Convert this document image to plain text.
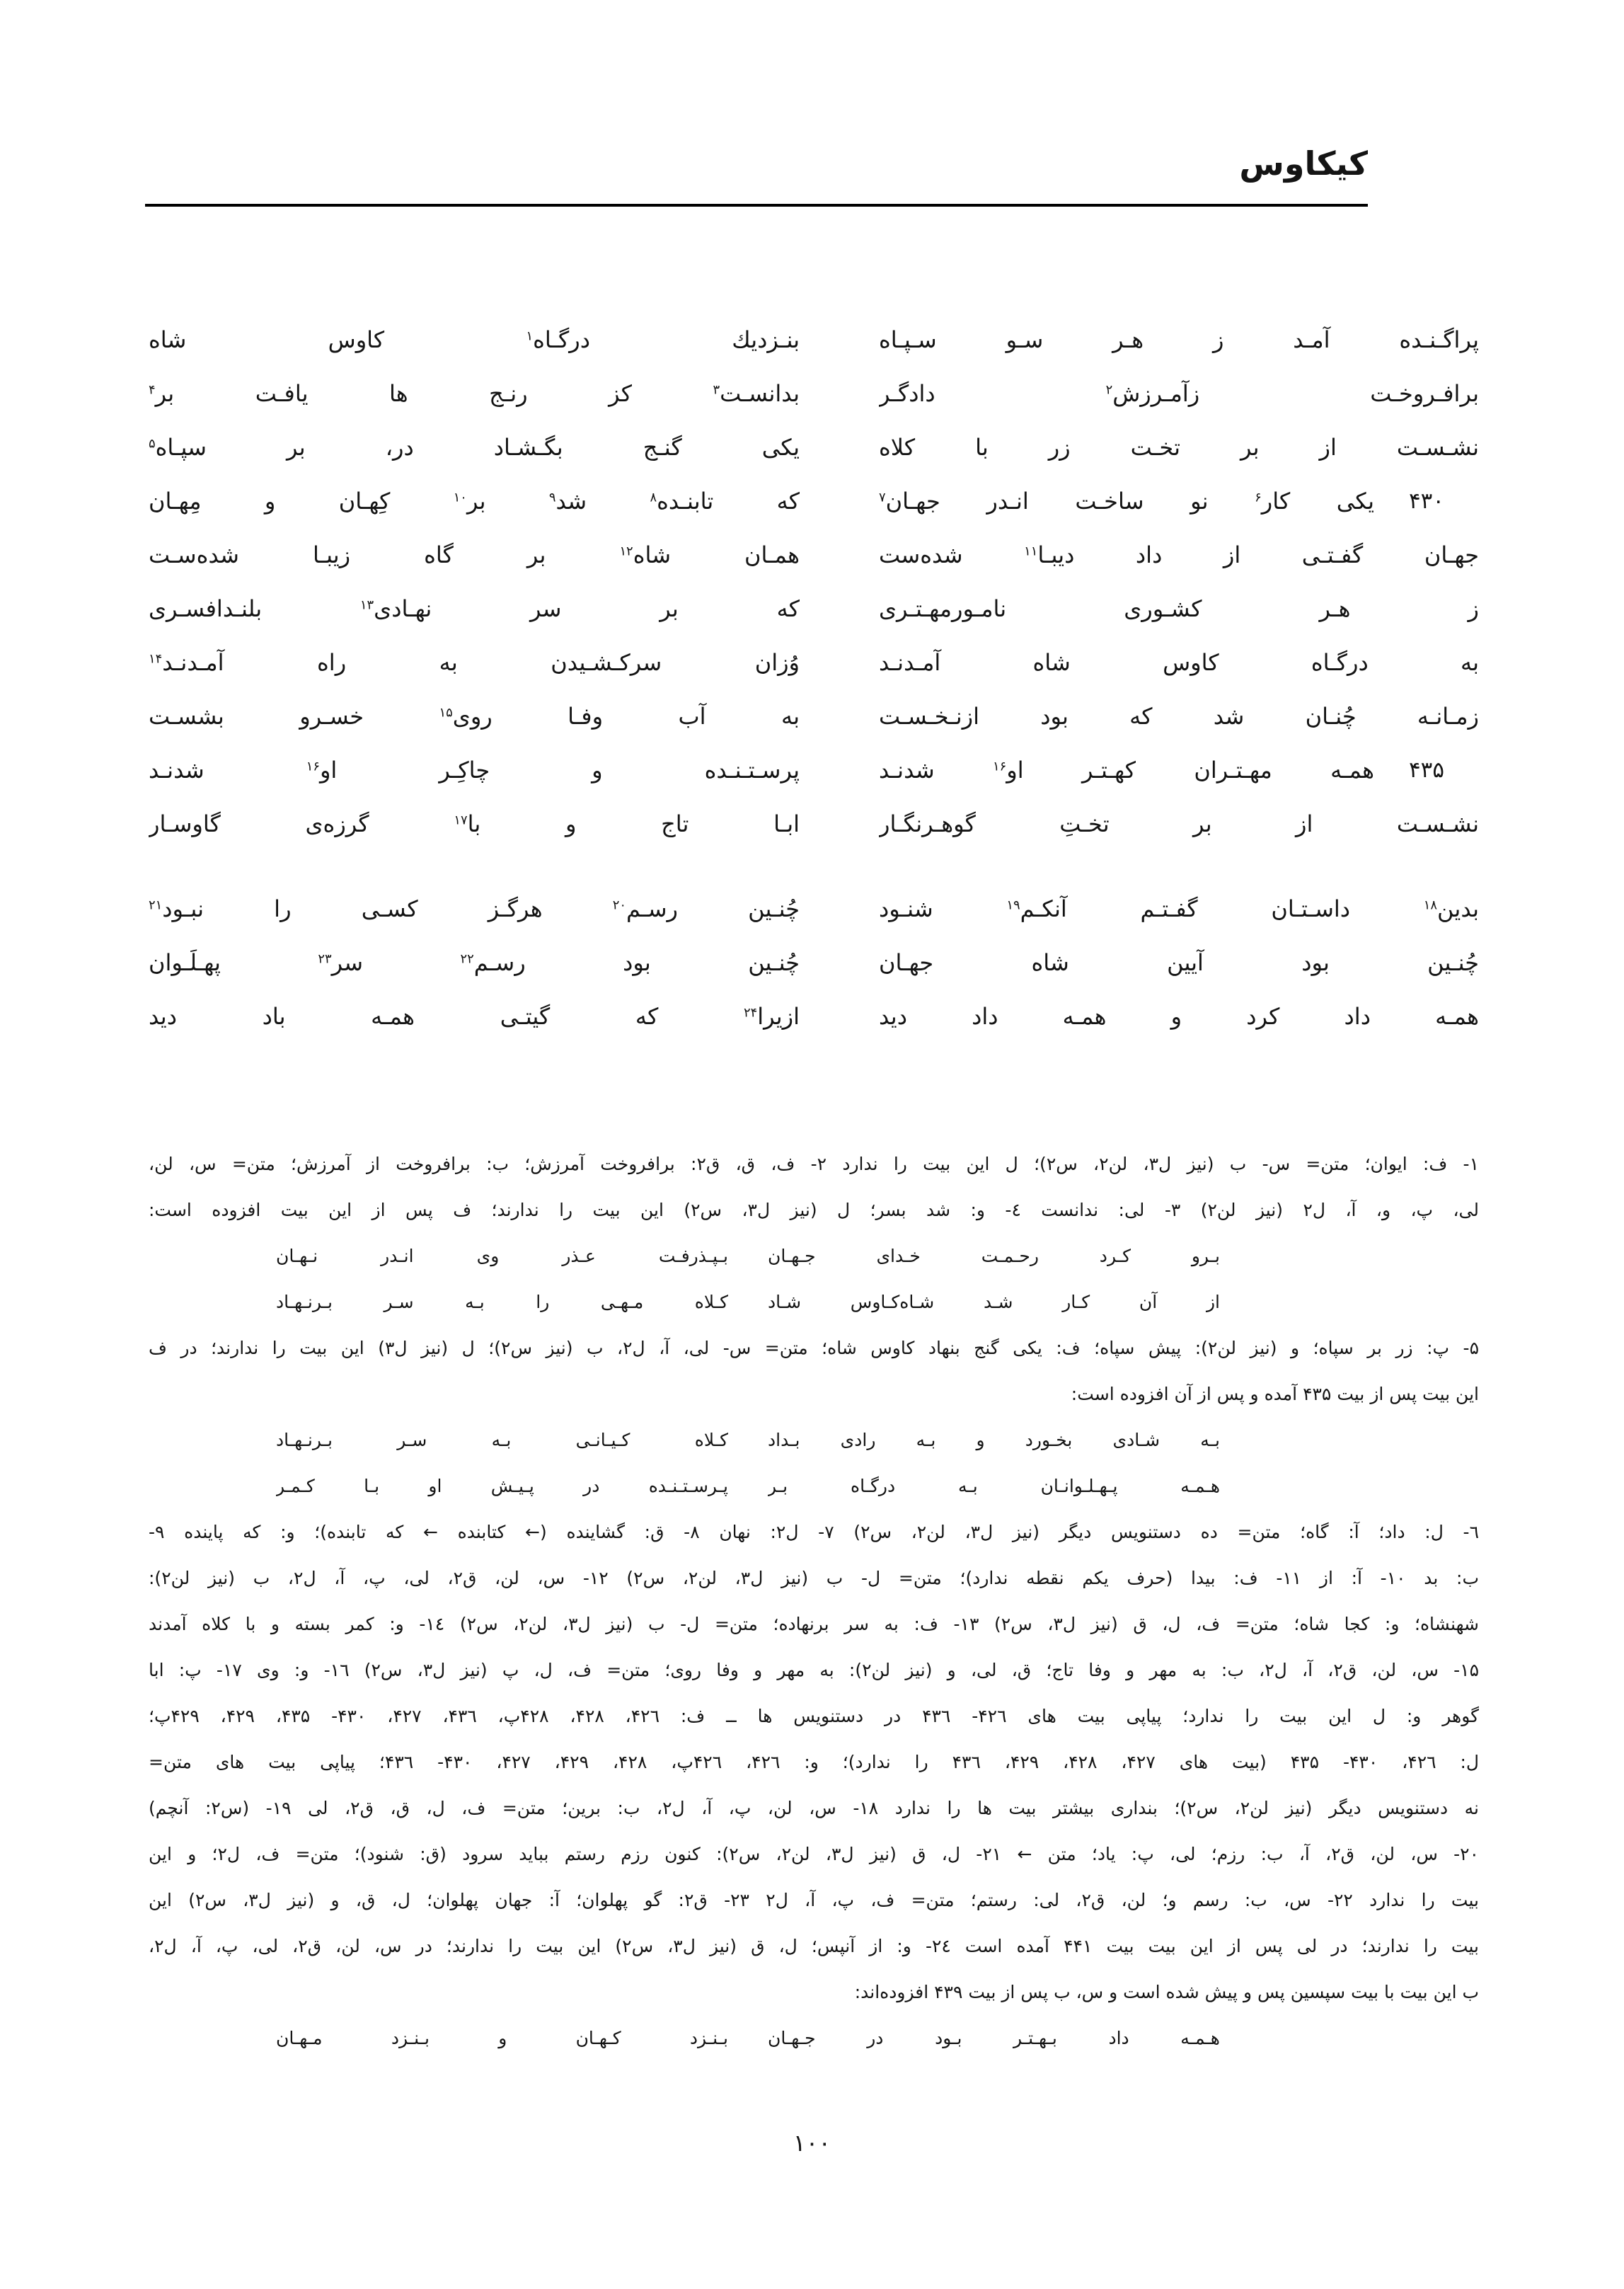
کیکاوس
پراگـنـده آمـد ز هـر سـو سـپـاه
بنـزدیك درگـاه$^۱$ کاوس شاه
برافـروخـت زآمـرزش$^۲$ دادگـر
بدانسـت$^۳$ کز رنـج ها یافـت بر$^۴$
نشـسـت از بر تخـت زر با کلاه
یکی گنـج بگـشـاد در، بر سپـاه$^۵$
۴۳۰
یکی کار$^۶$ نو ساخـت انـدر جهـان$^۷$
که تابنـده$^۸$ شد$^۹$ بر$^{۱۰}$ کِهـان و مِهـان
جهـان گفـتـی از داد دیبـا$^{۱۱}$ شده‌ست
همـان شاه$^{۱۲}$ بر گاه زیبـا شده‌سـت
ز هـر کشـوری نامـورمهـتـری
که بر سر نهـادی$^{۱۳}$ بلنـدافسـری
به درگـاه کاوس شاه آمـدنـد
وُزان سرکـشـیدن به راه آمـدنـد$^{۱۴}$
زمـانـه چُنـان شد که بود ازنـخـسـت
به آب وفـا روی$^{۱۵}$ خسـرو بشسـت
۴۳۵
همـه مهـتـران کهـتـر او$^{۱۶}$ شدنـد
پرسـتـنـده و چاکِـر او$^{۱۶}$ شدنـد
نشـسـت از برِ تخـتِ گوهـرنگـار
ابـا تاج و با$^{۱۷}$ گرزه‌ی گاوسـار
بدین$^{۱۸}$ داسـتـان گفـتـم آنکـم$^{۱۹}$ شنـود
چُنـین رسـم$^{۲۰}$ هرگـز کسـی را نبـود$^{۲۱}$
چُنـین بود آیین شاه جهـان
چُنـین بود رسـم$^{۲۲}$ سرِ$^{۲۳}$ پهـلَـوان
همـه داد کرد و همـه داد دید
ازیرا$^{۲۴}$ که گیتـی همـه باد دید
۱- ف: ایوان؛ متن= س- ب (نیز ل۳، لن۲، س۲)؛ ل این بیت را ندارد ۲- ف، ق، ق۲: برافروخت آمرزش؛ ب: برافروخت از آمرزش؛ متن= س، لن،
لی، پ، و، آ، ل۲ (نیز لن۲) ۳- لی: ندانست ٤- و: شد بسر؛ ل (نیز ل۳، س۲) این بیت را ندارند؛ ف پس از این بیت افزوده است:
بـرو کـرد رحـمـت خـدای جـهـان
بـپـذرفـت عـذر وی انـدر نـهـان
از آن کـار شـد شـاه‌کـاوس شـاد
کـلاه مـهـی را بـه سـر بـرنـهـاد
۵- پ: زر بر سپاه؛ و (نیز لن۲): پیش سپاه؛ ف: یکی گنج بنهاد کاوس شاه؛ متن= س- لی، آ، ل۲، ب (نیز س۲)؛ ل (نیز ل۳) این بیت را ندارند؛ در ف
این بیت پس از بیت ۴۳۵ آمده و پس از آن افزوده است:
بـه شـادی بخـورد و بـه رادی بـداد
کـلاه کـیـانـی بـه سـر بـرنـهـاد
هـمـه پـهـلـوانـان بـه درگـاه بـر
پـرسـتـنـده در پـیـش او بـا کـمـر
٦- ل: داد؛ آ: گاه؛ متن= ده دستنویس دیگر (نیز ل۳، لن۲، س۲) ۷- ل۲: نهان ۸- ق: گشاینده (← کتابنده ← که تابنده)؛ و: که پاینده ۹-
ب: بد ۱۰- آ: از ۱۱- ف: بیدا (حرف یکم نقطه ندارد)؛ متن= ل- ب (نیز ل۳، لن۲، س۲) ۱۲- س، لن، ق۲، لی، پ، آ، ل۲، ب (نیز لن۲):
شهنشاه؛ و: کجا شاه؛ متن= ف، ل، ق (نیز ل۳، س۲) ۱۳- ف: به سر برنهاده؛ متن= ل- ب (نیز ل۳، لن۲، س۲) ۱٤- و: کمر بسته و با کلاه آمدند
۱۵- س، لن، ق۲، آ، ل۲، ب: به مهر و وفا تاج؛ ق، لی، و (نیز لن۲): به مهر و وفا روی؛ متن= ف، ل، پ (نیز ل۳، س۲) ۱٦- و: وی ۱۷- پ: ابا
گوهر و: ل این بیت را ندارد؛ پیاپی بیت های ۴۲٦- ۴۳٦ در دستنویس ها ــ ف: ۴۲٦، ۴۲۸، ۴۲۸پ، ۴۳٦، ۴۲۷، ۴۳۰- ۴۳۵، ۴۲۹، ۴۲۹پ؛
ل: ۴۲٦، ۴۳۰- ۴۳۵ (بیت های ۴۲۷، ۴۲۸، ۴۲۹، ۴۳٦ را ندارد)؛ و: ۴۲٦، ۴۲٦پ، ۴۲۸، ۴۲۹، ۴۲۷، ۴۳۰- ۴۳٦؛ پیاپی بیت های متن=
نه دستنویس دیگر (نیز لن۲، س۲)؛ بنداری بیشتر بیت ها را ندارد ۱۸- س، لن، پ، آ، ل۲، ب: برین؛ متن= ف، ل، ق، ق۲، لی ۱۹- (س۲: آنچم)
۲۰- س، لن، ق۲، آ، ب: رزم؛ لی، پ: یاد؛ متن ← ۲۱- ل، ق (نیز ل۳، لن۲، س۲): کنون رزم رستم بباید سرود (ق: شنود)؛ متن= ف، ل۲؛ و این
بیت را ندارد ۲۲- س، ب: رسم و؛ لن، ق۲، لی: رستم؛ متن= ف، پ، آ، ل۲ ۲۳- ق۲: گو پهلوان؛ آ: جهان پهلوان؛ ل، ق، و (نیز ل۳، س۲) این
بیت را ندارند؛ در لی پس از این بیت بیت ۴۴۱ آمده است ۲٤- و: از آنپس؛ ل، ق (نیز ل۳، س۲) این بیت را ندارند؛ در س، لن، ق۲، لی، پ، آ، ل۲،
ب این بیت با بیت سپسین پس و پیش شده است و س، ب پس از بیت ۴۳۹ افزوده‌اند:
هـمـه داد بـهـتـر بـود در جـهـان
بـنـزد کـهـان و بـنـزد مـهـان
۱۰۰
